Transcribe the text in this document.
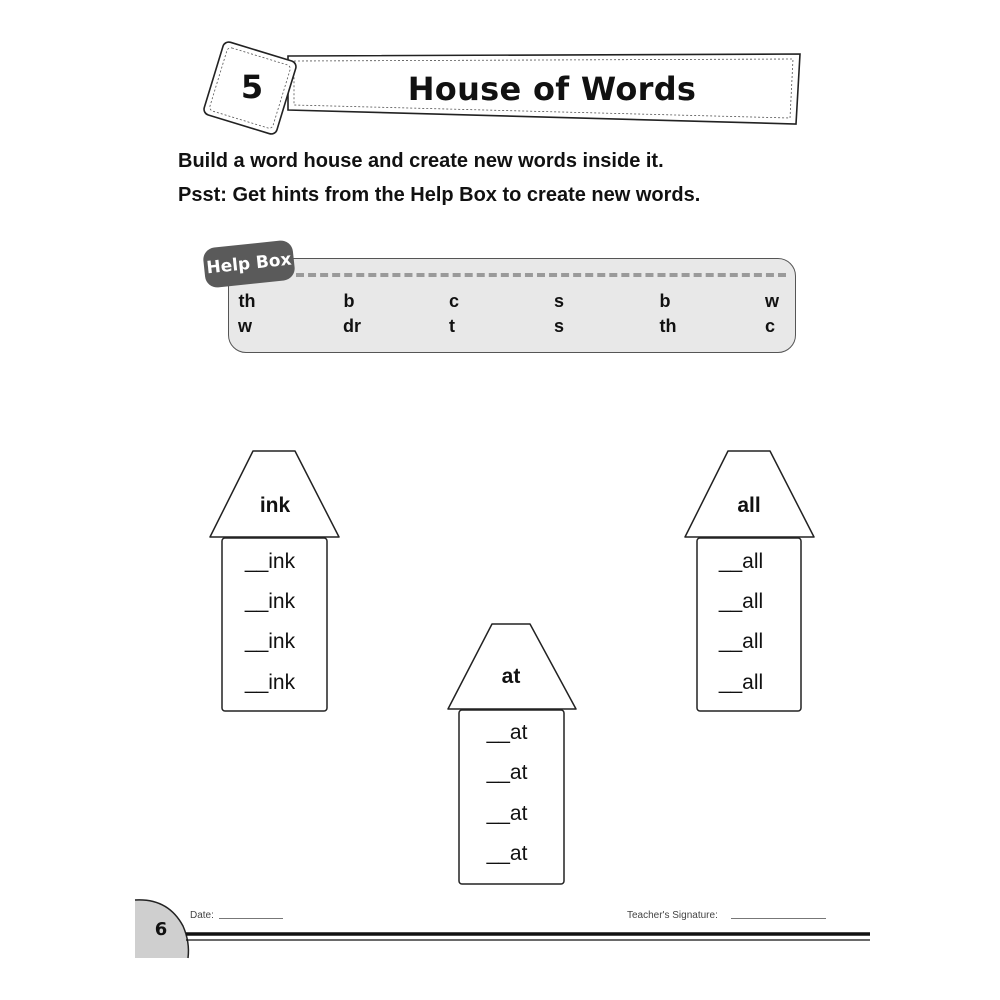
5	House of Words
Build a word house and create new words inside it.
Psst: Get hints from the Help Box to create new words.
Help Box
th	b	c	s	b	w
w	dr	t	s	th	c
ink
__ink
__ink
__ink
__ink	at
__at
__at
__at
__at
all
__all
__all
__all
__all
6
Date:	Teacher's Signature:
